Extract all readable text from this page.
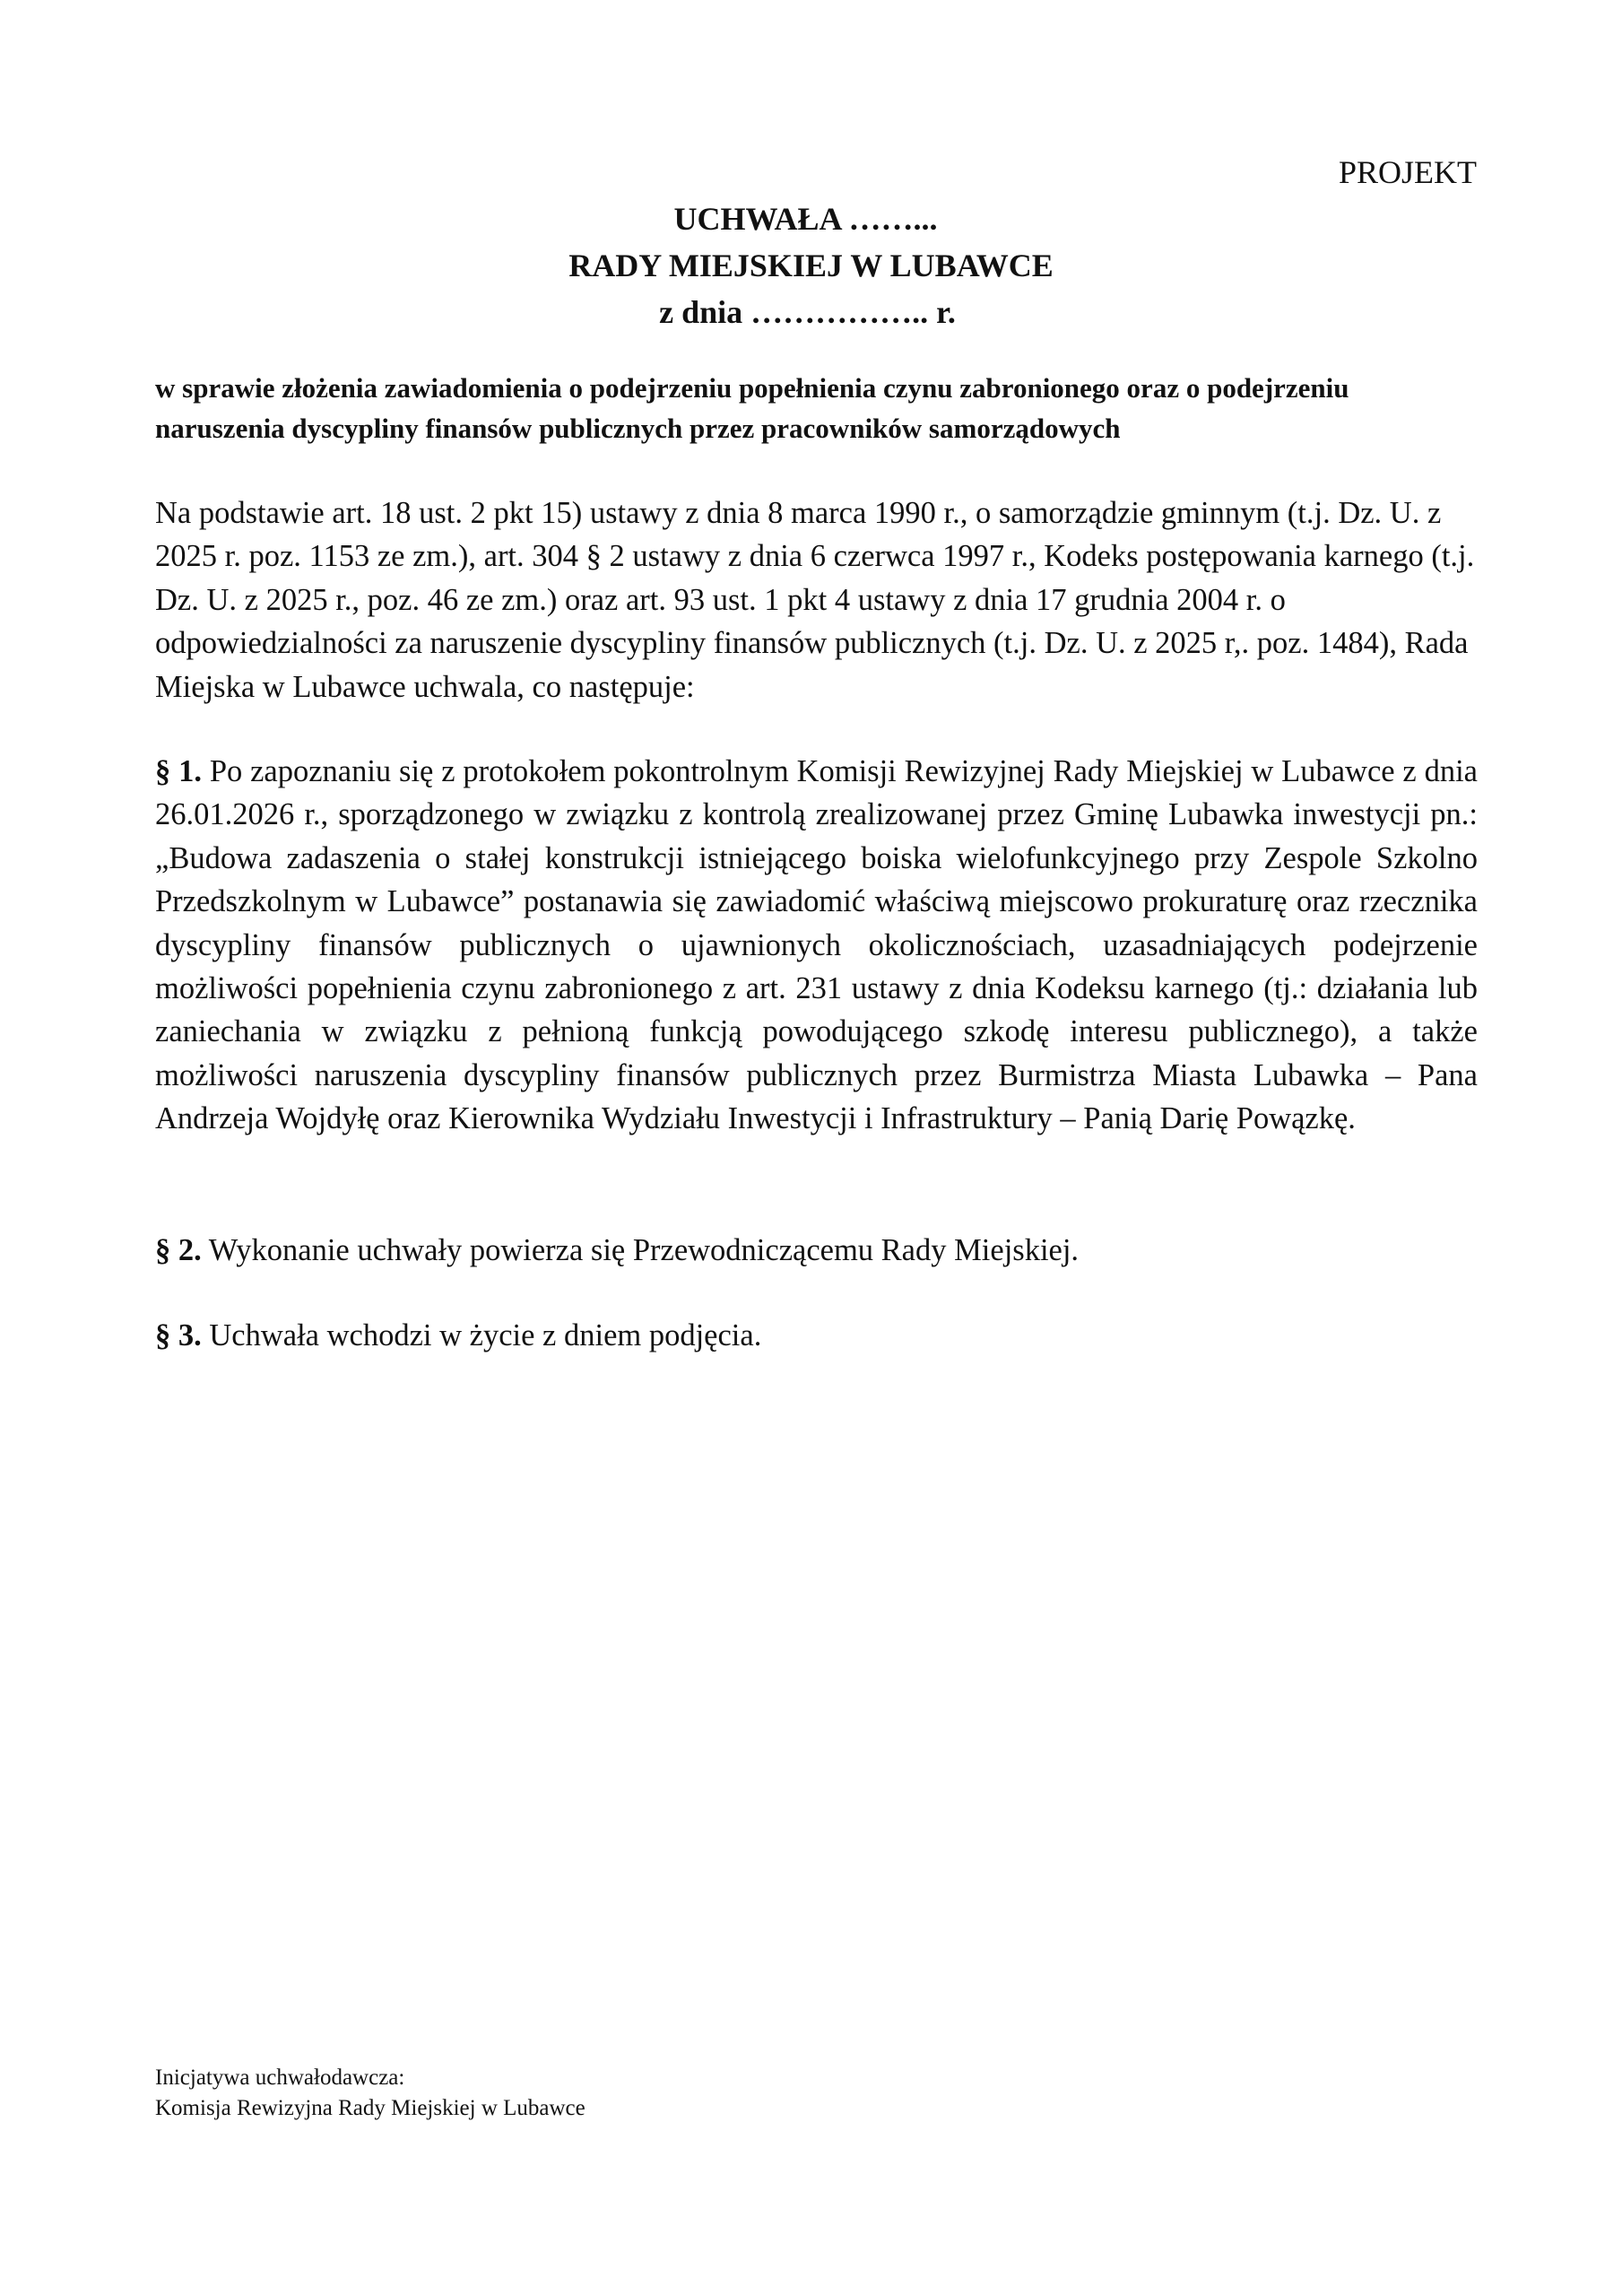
PROJEKT
UCHWAŁA ……...
RADY MIEJSKIEJ W LUBAWCE
z dnia …………….. r.
w sprawie złożenia zawiadomienia o podejrzeniu popełnienia czynu zabronionego oraz o podejrzeniu naruszenia dyscypliny finansów publicznych przez pracowników samorządowych
Na podstawie art. 18 ust. 2 pkt 15) ustawy z dnia 8 marca 1990 r., o samorządzie gminnym (t.j. Dz. U. z 2025 r. poz. 1153 ze zm.), art. 304 § 2 ustawy z dnia 6 czerwca 1997 r., Kodeks postępowania karnego (t.j. Dz. U. z 2025 r., poz. 46 ze zm.) oraz art. 93 ust. 1 pkt 4 ustawy z dnia 17 grudnia 2004 r. o odpowiedzialności za naruszenie dyscypliny finansów publicznych (t.j. Dz. U. z 2025 r,. poz. 1484), Rada Miejska w Lubawce uchwala, co następuje:
§ 1. Po zapoznaniu się z protokołem pokontrolnym Komisji Rewizyjnej Rady Miejskiej w Lubawce z dnia 26.01.2026 r., sporządzonego w związku z kontrolą zrealizowanej przez Gminę Lubawka inwestycji pn.: „Budowa zadaszenia o stałej konstrukcji istniejącego boiska wielofunkcyjnego przy Zespole Szkolno Przedszkolnym w Lubawce” postanawia się zawiadomić właściwą miejscowo prokuraturę oraz rzecznika dyscypliny finansów publicznych o ujawnionych okolicznościach, uzasadniających podejrzenie możliwości popełnienia czynu zabronionego z art. 231 ustawy z dnia Kodeksu karnego (tj.: działania lub zaniechania w związku z pełnioną funkcją powodującego szkodę interesu publicznego), a także możliwości naruszenia dyscypliny finansów publicznych przez Burmistrza Miasta Lubawka – Pana Andrzeja Wojdyłę oraz Kierownika Wydziału Inwestycji i Infrastruktury – Panią Darię Powązkę.
§ 2. Wykonanie uchwały powierza się Przewodniczącemu Rady Miejskiej.
§ 3. Uchwała wchodzi w życie z dniem podjęcia.
Inicjatywa uchwałodawcza:
Komisja Rewizyjna Rady Miejskiej w Lubawce
